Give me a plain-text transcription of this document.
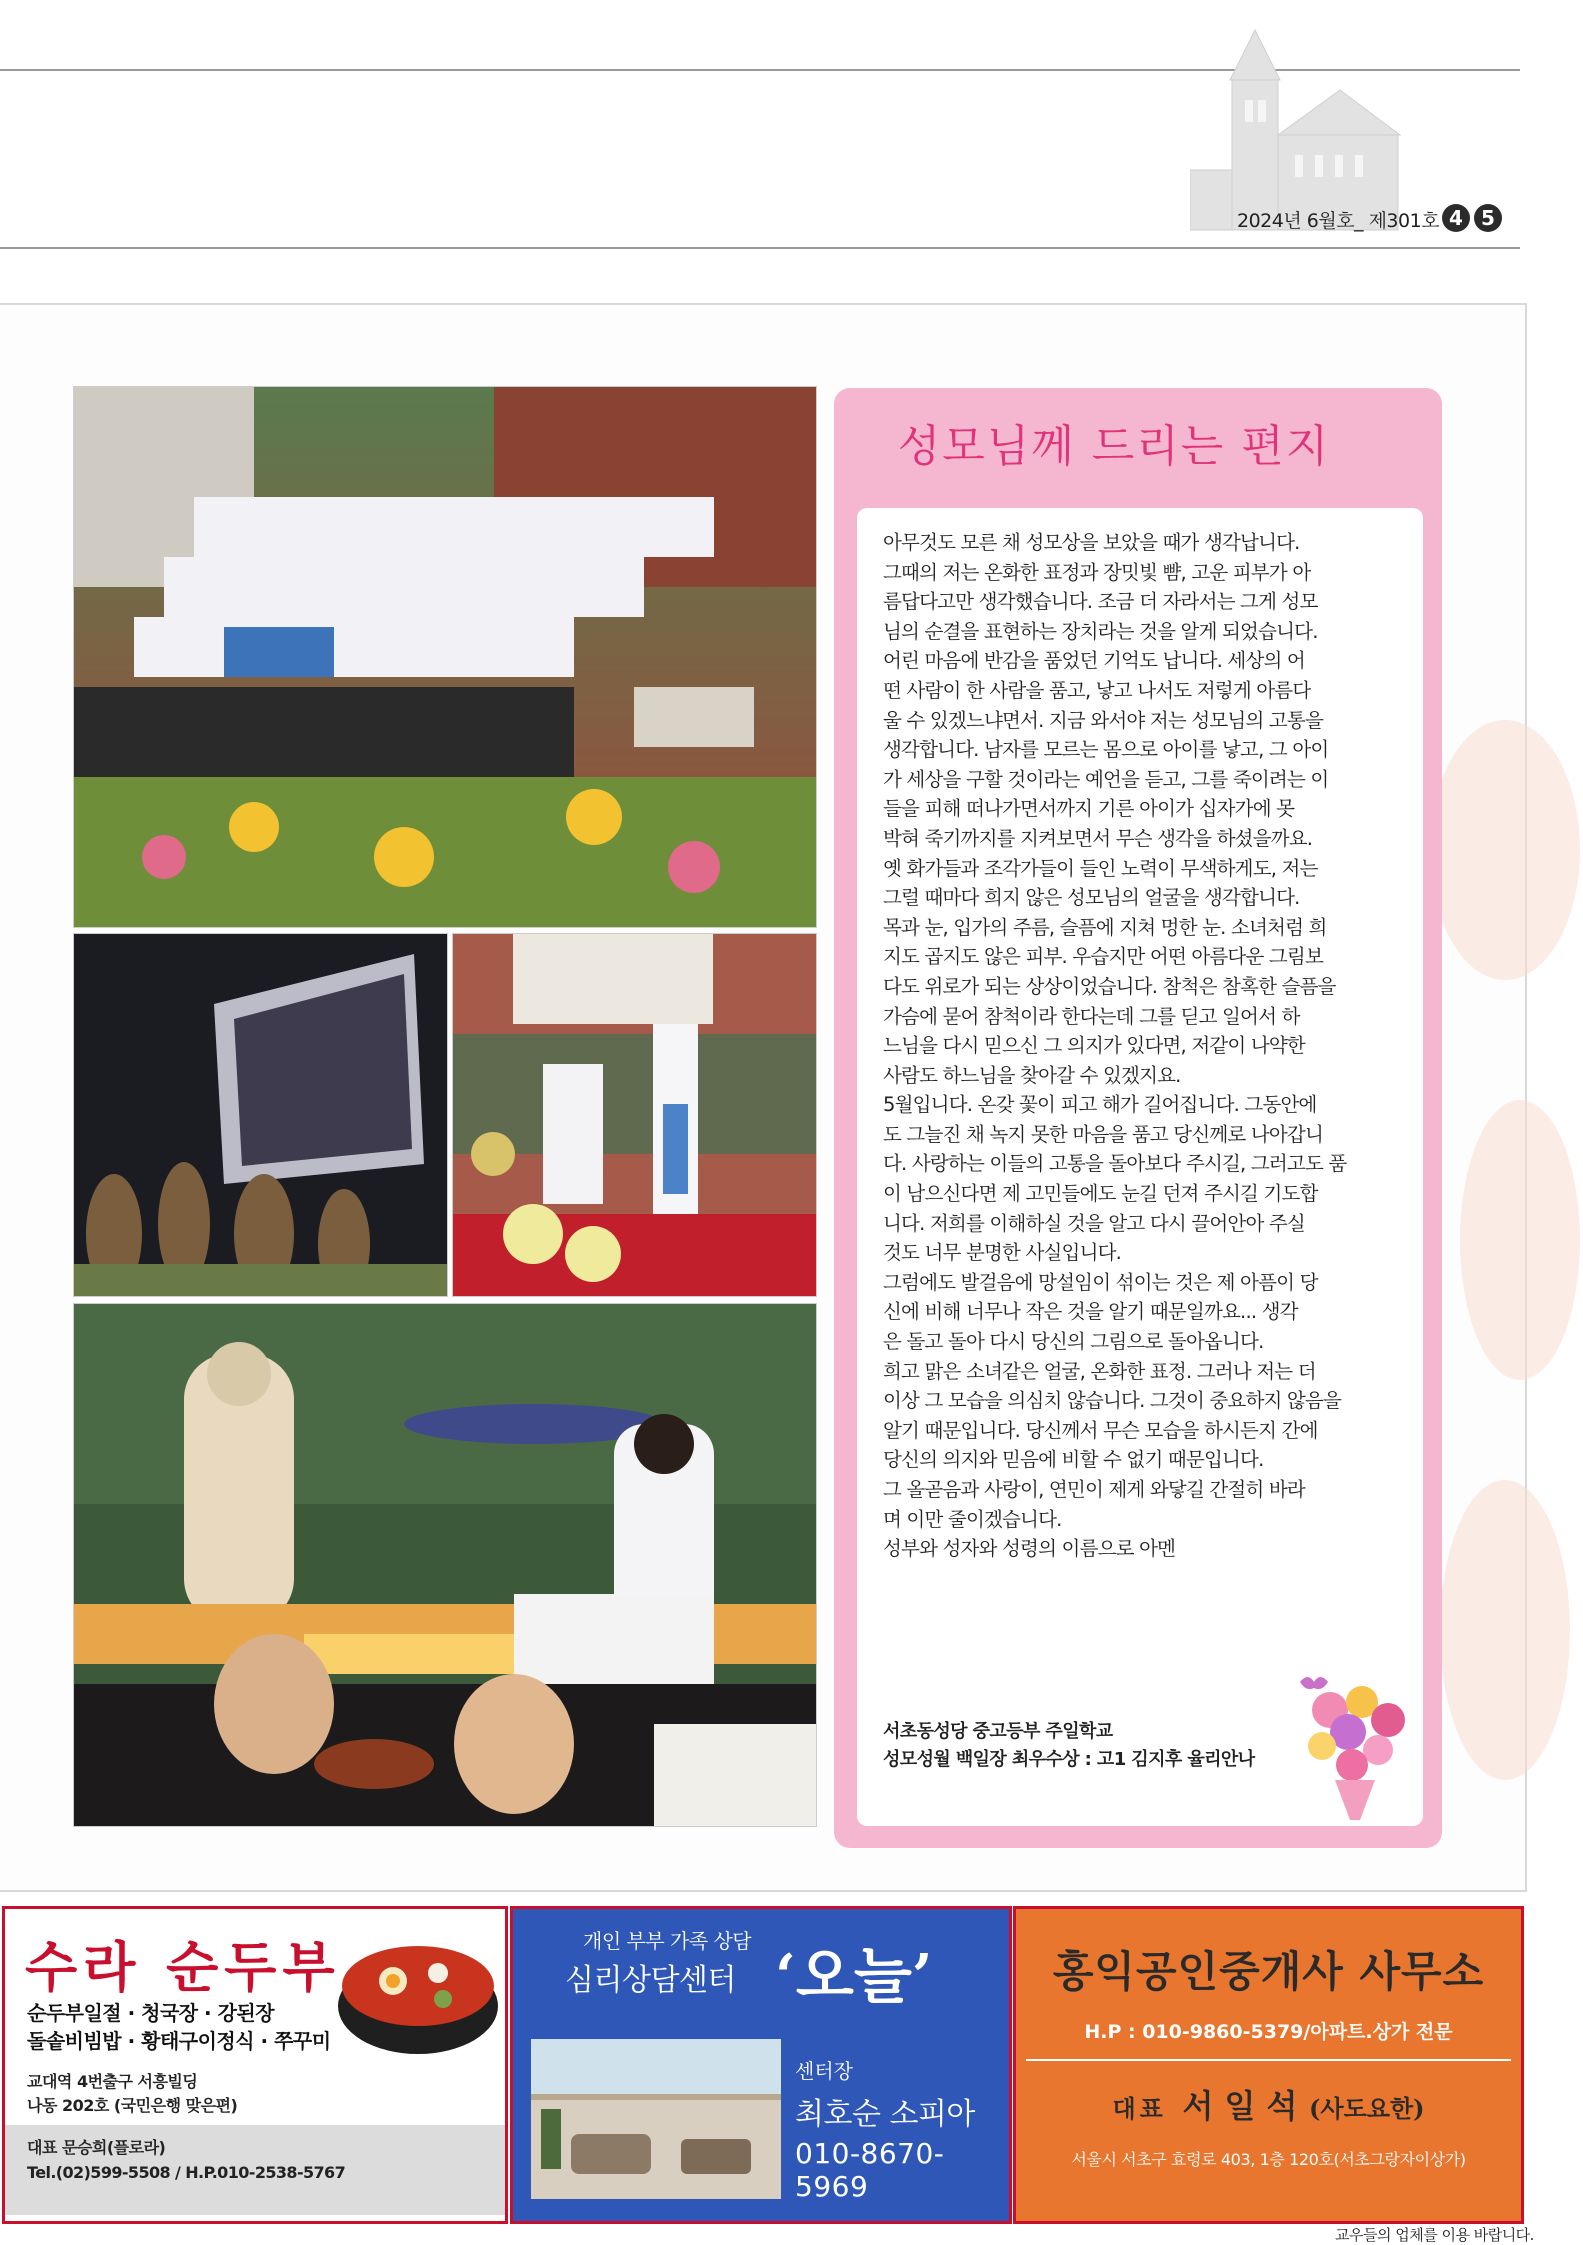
2024년 6월호_ 제301호 4 5
성모님께 드리는 편지
아무것도 모른 채 성모상을 보았을 때가 생각납니다.
그때의 저는 온화한 표정과 장밋빛 뺨, 고운 피부가 아
름답다고만 생각했습니다. 조금 더 자라서는 그게 성모
님의 순결을 표현하는 장치라는 것을 알게 되었습니다.
어린 마음에 반감을 품었던 기억도 납니다. 세상의 어
떤 사람이 한 사람을 품고, 낳고 나서도 저렇게 아름다
울 수 있겠느냐면서. 지금 와서야 저는 성모님의 고통을
생각합니다. 남자를 모르는 몸으로 아이를 낳고, 그 아이
가 세상을 구할 것이라는 예언을 듣고, 그를 죽이려는 이
들을 피해 떠나가면서까지 기른 아이가 십자가에 못
박혀 죽기까지를 지켜보면서 무슨 생각을 하셨을까요.
옛 화가들과 조각가들이 들인 노력이 무색하게도, 저는
그럴 때마다 희지 않은 성모님의 얼굴을 생각합니다.
목과 눈, 입가의 주름, 슬픔에 지쳐 멍한 눈. 소녀처럼 희
지도 곱지도 않은 피부. 우습지만 어떤 아름다운 그림보
다도 위로가 되는 상상이었습니다. 참척은 참혹한 슬픔을
가슴에 묻어 참척이라 한다는데 그를 딛고 일어서 하
느님을 다시 믿으신 그 의지가 있다면, 저같이 나약한
사람도 하느님을 찾아갈 수 있겠지요.
5월입니다. 온갖 꽃이 피고 해가 길어집니다. 그동안에
도 그늘진 채 녹지 못한 마음을 품고 당신께로 나아갑니
다. 사랑하는 이들의 고통을 돌아보다 주시길, 그러고도 품
이 남으신다면 제 고민들에도 눈길 던져 주시길 기도합
니다. 저희를 이해하실 것을 알고 다시 끌어안아 주실
것도 너무 분명한 사실입니다.
그럼에도 발걸음에 망설임이 섞이는 것은 제 아픔이 당
신에 비해 너무나 작은 것을 알기 때문일까요... 생각
은 돌고 돌아 다시 당신의 그림으로 돌아옵니다.
희고 맑은 소녀같은 얼굴, 온화한 표정. 그러나 저는 더
이상 그 모습을 의심치 않습니다. 그것이 중요하지 않음을
알기 때문입니다. 당신께서 무슨 모습을 하시든지 간에
당신의 의지와 믿음에 비할 수 없기 때문입니다.
그 올곧음과 사랑이, 연민이 제게 와닿길 간절히 바라
며 이만 줄이겠습니다.
성부와 성자와 성령의 이름으로 아멘
서초동성당 중고등부 주일학교
성모성월 백일장 최우수상 : 고1 김지후 율리안나
수라 순두부
순두부일절 · 청국장 · 강된장
돌솥비빔밥 · 황태구이정식 · 쭈꾸미
교대역 4번출구 서흥빌딩
나동 202호 (국민은행 맞은편)
대표 문승희(플로라)
Tel.(02)599-5508 / H.P.010-2538-5767
개인 부부 가족 상담
심리상담센터 ‘오늘’
센터장
최호순 소피아
010-8670-5969
홍익공인중개사 사무소
H.P : 010-9860-5379/아파트.상가 전문
대표 서 일 석 (사도요한)
서울시 서초구 효령로 403, 1층 120호(서초그랑자이상가)
교우들의 업체를 이용 바랍니다.
